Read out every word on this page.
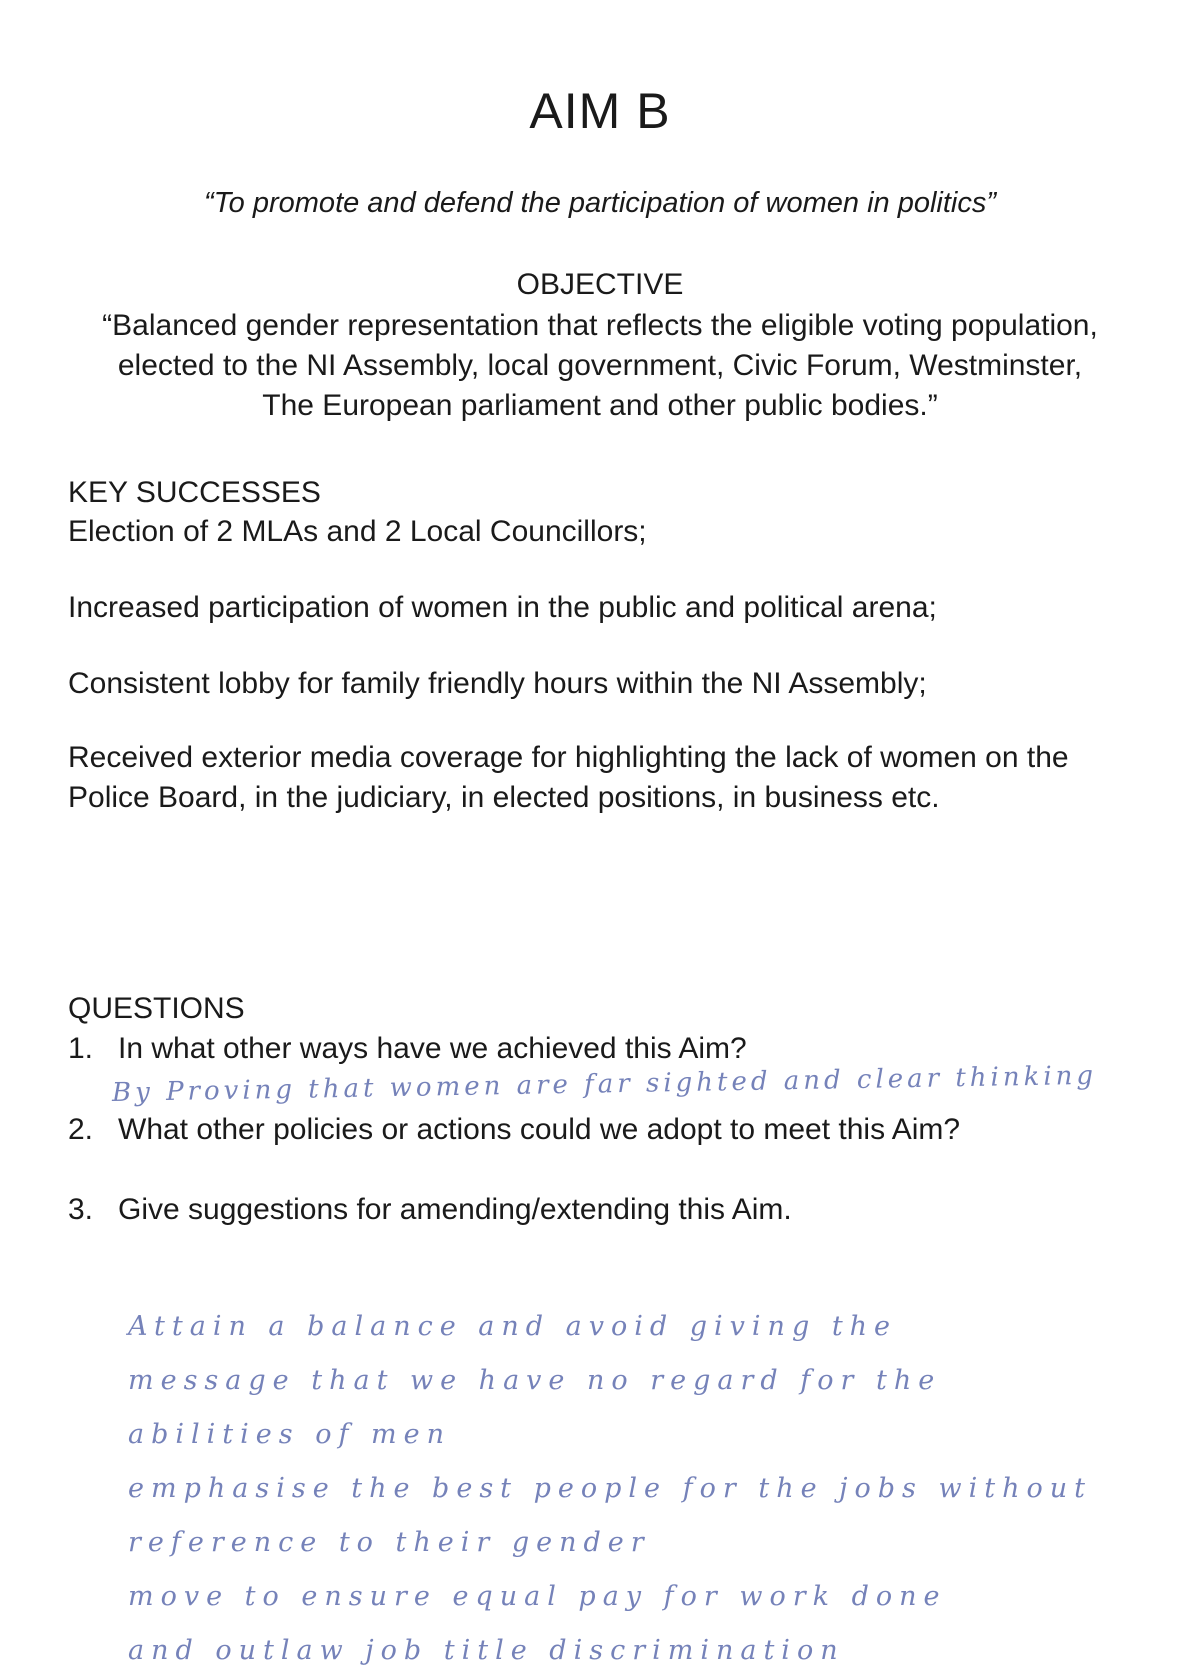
AIM B
“To promote and defend the participation of women in politics”
OBJECTIVE
“Balanced gender representation that reflects the eligible voting population, elected to the NI Assembly, local government, Civic Forum, Westminster, The European parliament and other public bodies.”
KEY SUCCESSES
Election of 2 MLAs and 2 Local Councillors;
Increased participation of women in the public and political arena;
Consistent lobby for family friendly hours within the NI Assembly;
Received exterior media coverage for highlighting the lack of women on the Police Board, in the judiciary, in elected positions, in business etc.
QUESTIONS
1. In what other ways have we achieved this Aim?
By Proving that women are far sighted and clear thinking
2. What other policies or actions could we adopt to meet this Aim?
3. Give suggestions for amending/extending this Aim.
Attain a balance and avoid giving the
message that we have no regard for the
abilities of men
emphasise the best people for the jobs without
reference to their gender
move to ensure equal pay for work done
and outlaw job title discrimination
